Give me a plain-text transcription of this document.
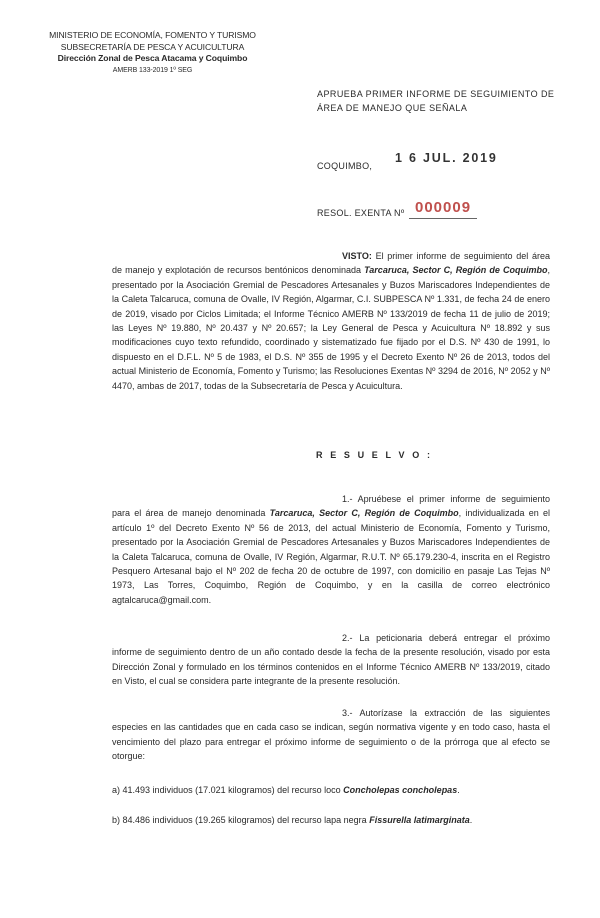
MINISTERIO DE ECONOMÍA, FOMENTO Y TURISMO
SUBSECRETARÍA DE PESCA Y ACUICULTURA
Dirección Zonal de Pesca Atacama y Coquimbo
AMERB 133-2019 1º SEG
APRUEBA PRIMER INFORME DE SEGUIMIENTO DE ÁREA DE MANEJO QUE SEÑALA
COQUIMBO,
1 6 JUL. 2019
RESOL. EXENTA Nº 000009
VISTO: El primer informe de seguimiento del área de manejo y explotación de recursos bentónicos denominada Tarcaruca, Sector C, Región de Coquimbo, presentado por la Asociación Gremial de Pescadores Artesanales y Buzos Mariscadores Independientes de la Caleta Talcaruca, comuna de Ovalle, IV Región, Algarmar, C.I. SUBPESCA Nº 1.331, de fecha 24 de enero de 2019, visado por Ciclos Limitada; el Informe Técnico AMERB Nº 133/2019 de fecha 11 de julio de 2019; las Leyes Nº 19.880, Nº 20.437 y Nº 20.657; la Ley General de Pesca y Acuicultura Nº 18.892 y sus modificaciones cuyo texto refundido, coordinado y sistematizado fue fijado por el D.S. Nº 430 de 1991, lo dispuesto en el D.F.L. Nº 5 de 1983, el D.S. Nº 355 de 1995 y el Decreto Exento Nº 26 de 2013, todos del actual Ministerio de Economía, Fomento y Turismo; las Resoluciones Exentas Nº 3294 de 2016, Nº 2052 y Nº 4470, ambas de 2017, todas de la Subsecretaría de Pesca y Acuicultura.
R E S U E L V O :
1.- Apruébese el primer informe de seguimiento para el área de manejo denominada Tarcaruca, Sector C, Región de Coquimbo, individualizada en el artículo 1º del Decreto Exento Nº 56 de 2013, del actual Ministerio de Economía, Fomento y Turismo, presentado por la Asociación Gremial de Pescadores Artesanales y Buzos Mariscadores Independientes de la Caleta Talcaruca, comuna de Ovalle, IV Región, Algarmar, R.U.T. Nº 65.179.230-4, inscrita en el Registro Pesquero Artesanal bajo el Nº 202 de fecha 20 de octubre de 1997, con domicilio en pasaje Las Tejas Nº 1973, Las Torres, Coquimbo, Región de Coquimbo, y en la casilla de correo electrónico agtalcaruca@gmail.com.
2.- La peticionaria deberá entregar el próximo informe de seguimiento dentro de un año contado desde la fecha de la presente resolución, visado por esta Dirección Zonal y formulado en los términos contenidos en el Informe Técnico AMERB Nº 133/2019, citado en Visto, el cual se considera parte integrante de la presente resolución.
3.- Autorízase la extracción de las siguientes especies en las cantidades que en cada caso se indican, según normativa vigente y en todo caso, hasta el vencimiento del plazo para entregar el próximo informe de seguimiento o de la prórroga que al efecto se otorgue:
a) 41.493 individuos (17.021 kilogramos) del recurso loco Concholepas concholepas.
b) 84.486 individuos (19.265 kilogramos) del recurso lapa negra Fissurella latimarginata.
